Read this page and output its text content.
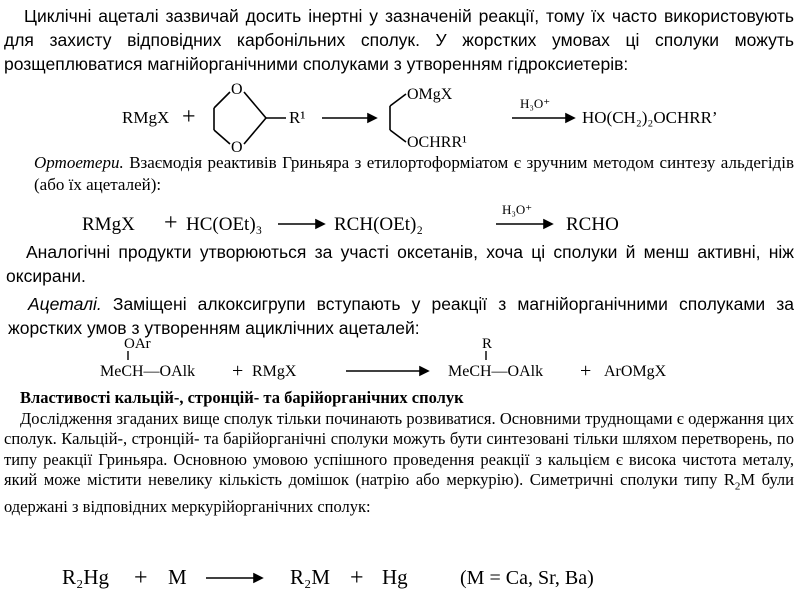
Циклічні ацеталі зазвичай досить інертні у зазначеній реакції, тому їх часто використовують для захисту відповідних карбонільних сполук. У жорстких умовах ці сполуки можуть розщеплюватися магнійорганічними сполуками з утворенням гідроксиетерів:
RMgX +
O
O
R¹
OMgX
OCHRR¹
H₃O⁺
HO(CH₂)₂OCHRR’
Ортоетери. Взаємодія реактивів Гриньяра з етилортоформіатом є зручним методом синтезу альдегідів (або їх ацеталей):
RMgX + HC(OEt)₃	RCH(OEt)₂
H₃O⁺
RCHO
Аналогічні продукти утворюються за участі оксетанів, хоча ці сполуки й менш активні, ніж оксирани.
Ацеталі. Заміщені алкоксигрупи вступають у реакції з магнійорганічними сполуками за жорстких умов з утворенням ациклічних ацеталей:
OAr
MeCH—OAlk + RMgX
R
MeCH—OAlk + ArOMgX
Властивості кальцій-, стронцій- та барійорганічних сполук
Дослідження згаданих вище сполук тільки починають розвиватися. Основними труднощами є одержання цих сполук. Кальцій-, стронцій- та барійорганічні сполуки можуть бути синтезовані тільки шляхом перетворень, по типу реакції Гриньяра. Основною умовою успішного проведення реакції з кальцієм є висока чистота металу, який може містити невелику кількість домішок (натрію або меркурію). Симетричні сполуки типу $R_2M$ були одержані з відповідних меркурійорганічних сполук:
R₂Hg + M	R₂M + Hg	(M = Ca, Sr, Ba)
